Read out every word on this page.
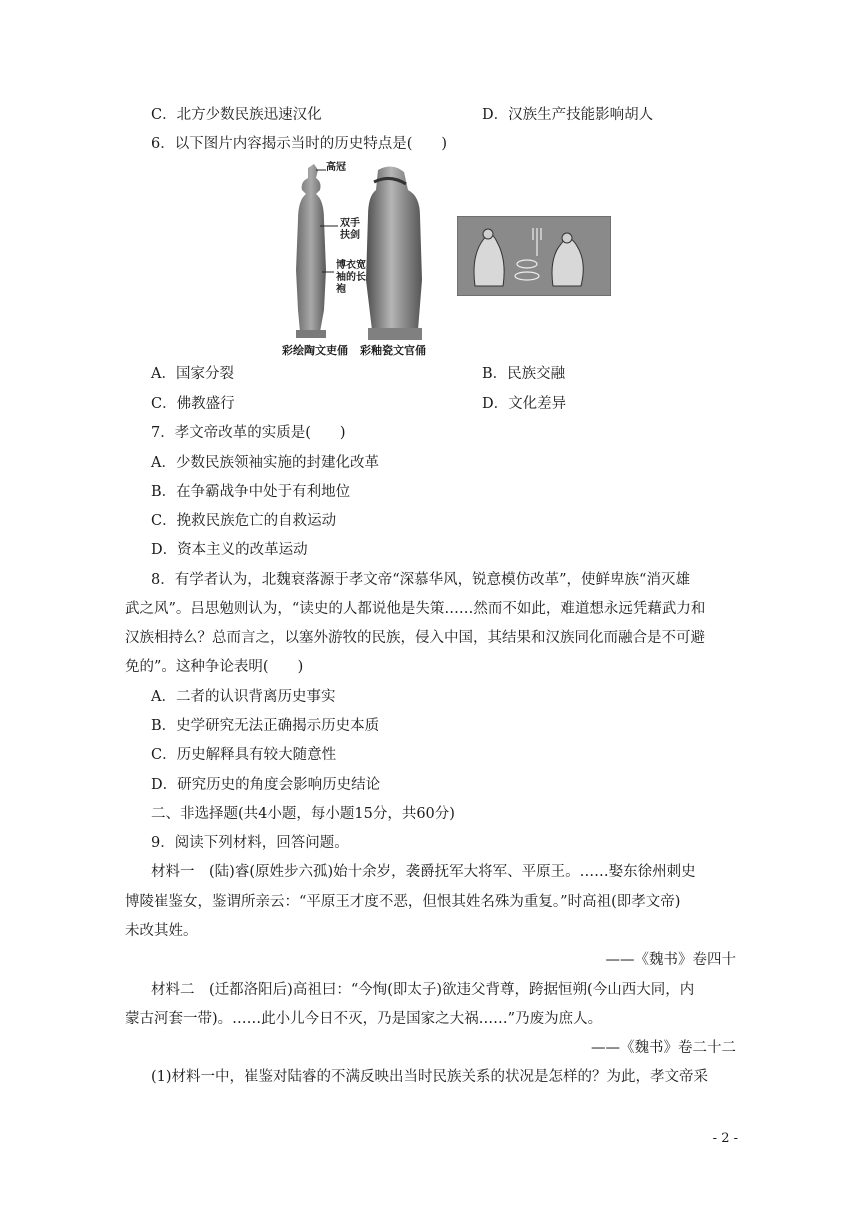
C．北方少数民族迅速汉化	D．汉族生产技能影响胡人
6．以下图片内容揭示当时的历史特点是(　　)
高冠
双手扶剑
博衣宽袖的长袍
彩绘陶文吏俑 彩釉瓷文官俑
A．国家分裂	B．民族交融
C．佛教盛行	D．文化差异
7．孝文帝改革的实质是(　　)
A．少数民族领袖实施的封建化改革
B．在争霸战争中处于有利地位
C．挽救民族危亡的自救运动
D．资本主义的改革运动
8．有学者认为，北魏衰落源于孝文帝“深慕华风，锐意模仿改革”，使鲜卑族“消灭雄
武之风”。吕思勉则认为，“读史的人都说他是失策……然而不如此，难道想永远凭藉武力和
汉族相持么？总而言之，以塞外游牧的民族，侵入中国，其结果和汉族同化而融合是不可避
免的”。这种争论表明(　　)
A．二者的认识背离历史事实
B．史学研究无法正确揭示历史本质
C．历史解释具有较大随意性
D．研究历史的角度会影响历史结论
二、非选择题(共4小题，每小题15分，共60分)
9．阅读下列材料，回答问题。
材料一　(陆)睿(原姓步六孤)始十余岁，袭爵抚军大将军、平原王。……娶东徐州刺史
博陵崔鉴女，鉴谓所亲云：“平原王才度不恶，但恨其姓名殊为重复。”时高祖(即孝文帝)
未改其姓。
——《魏书》卷四十
材料二　(迁都洛阳后)高祖曰：“今恂(即太子)欲违父背尊，跨据恒朔(今山西大同，内
蒙古河套一带)。……此小儿今日不灭，乃是国家之大祸……”乃废为庶人。
——《魏书》卷二十二
(1)材料一中，崔鉴对陆睿的不满反映出当时民族关系的状况是怎样的？为此，孝文帝采
- 2 -
